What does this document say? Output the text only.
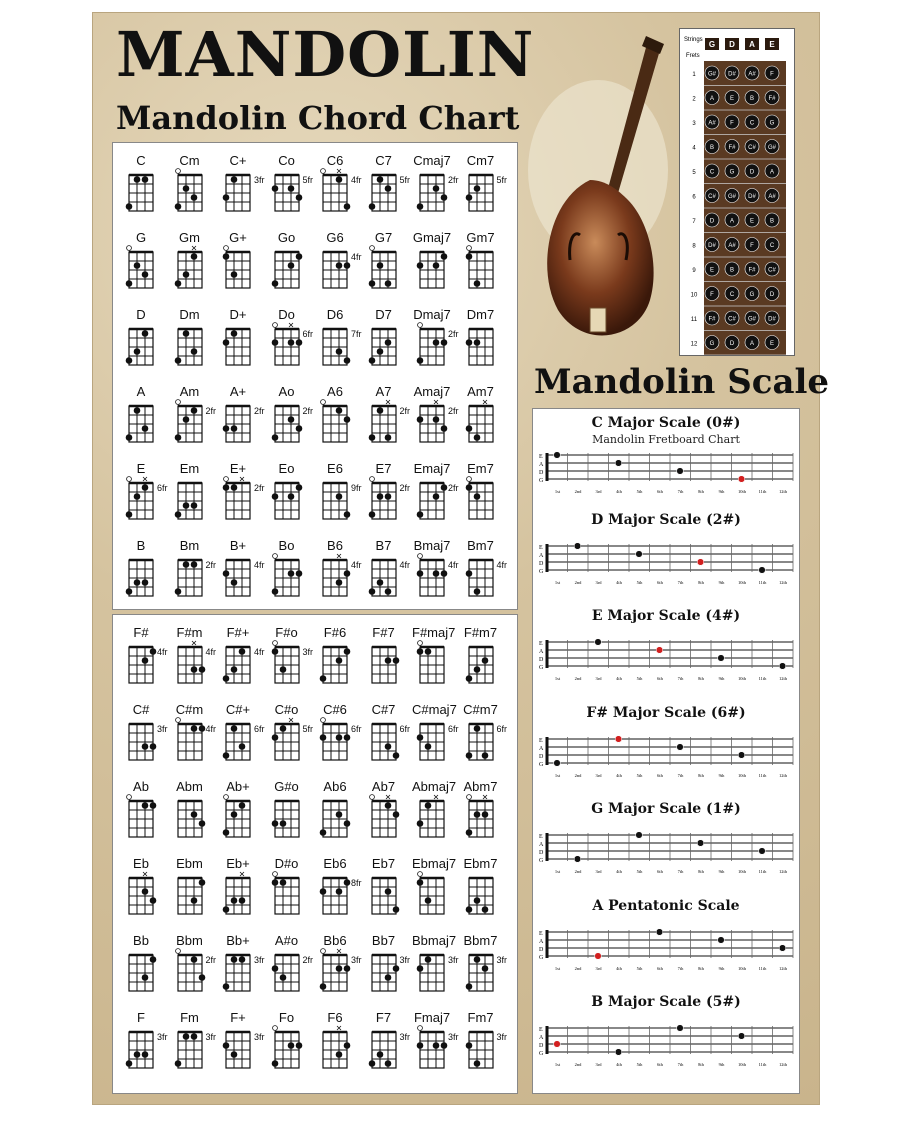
MANDOLIN
Mandolin Chord Chart
Strings
Frets
G D A E
1 G# D# A# F
2 A	E	B F#
3 A# F	C	G
4 B F# C# G#
5 C	G	D	A
6 C# G# D# A#
7 D	A	E	B
8 D# A# F	C
9 E	B F# C#
10 F	C	G	D
11 F# C# G# D#
12 G	D	A	E
Mandolin Scale
C	Cm	C+
3fr
Co
5fr
C6
4fr
C7
5fr
Cmaj7
2fr
Cm7
5fr
G	Gm	G+	Go	G6
4fr
G7	Gmaj7	Gm7
D	Dm	D+	Do
6fr
D6
7fr
D7	Dmaj7
2fr
Dm7
A	Am
2fr
A+
2fr
Ao
2fr
A6	A7
2fr
Amaj7
2fr
Am7
E
6fr
Em	E+
2fr
Eo	E6
9fr
E7
2fr
Emaj7
2fr
Em7
B	Bm
2fr
B+
4fr
Bo	B6
4fr
B7
4fr
Bmaj7
4fr
Bm7
4fr
F#
4fr
F#m
4fr
F#+
4fr
F#o
3fr
F#6	F#7	F#maj7 F#m7
C#
3fr
C#m
4fr
C#+
6fr
C#o
5fr
C#6
6fr
C#7
6fr
C#maj7
6fr
C#m7
6fr
Ab	Abm	Ab+	G#o	Ab6	Ab7	Abmaj7 Abm7
Eb	Ebm	Eb+	D#o	Eb6
8fr
Eb7	Ebmaj7 Ebm7
Bb	Bbm
2fr
Bb+
3fr
A#o
2fr
Bb6
3fr
Bb7
3fr
Bbmaj7
3fr
Bbm7
3fr
F
3fr
Fm
3fr
F+
3fr
Fo	F6	F7
3fr
Fmaj7
3fr
Fm7
3fr
C Major Scale (0#)
Mandolin Fretboard Chart
E
A
D
G
1st	2nd	3rd	4th	5th	6th	7th	8th	9th	10th	11th	12th
D Major Scale (2#)
E
A
D
G
1st	2nd	3rd	4th	5th	6th	7th	8th	9th	10th	11th	12th
E Major Scale (4#)
E
A
D
G
1st	2nd	3rd	4th	5th	6th	7th	8th	9th	10th	11th	12th
F# Major Scale (6#)
E
A
D
G
1st	2nd	3rd	4th	5th	6th	7th	8th	9th	10th	11th	12th
G Major Scale (1#)
E
A
D
G
1st	2nd	3rd	4th	5th	6th	7th	8th	9th	10th	11th	12th
A Pentatonic Scale
E
A
D
G
1st	2nd	3rd	4th	5th	6th	7th	8th	9th	10th	11th	12th
B Major Scale (5#)
E
A
D
G
1st	2nd	3rd	4th	5th	6th	7th	8th	9th	10th	11th	12th
